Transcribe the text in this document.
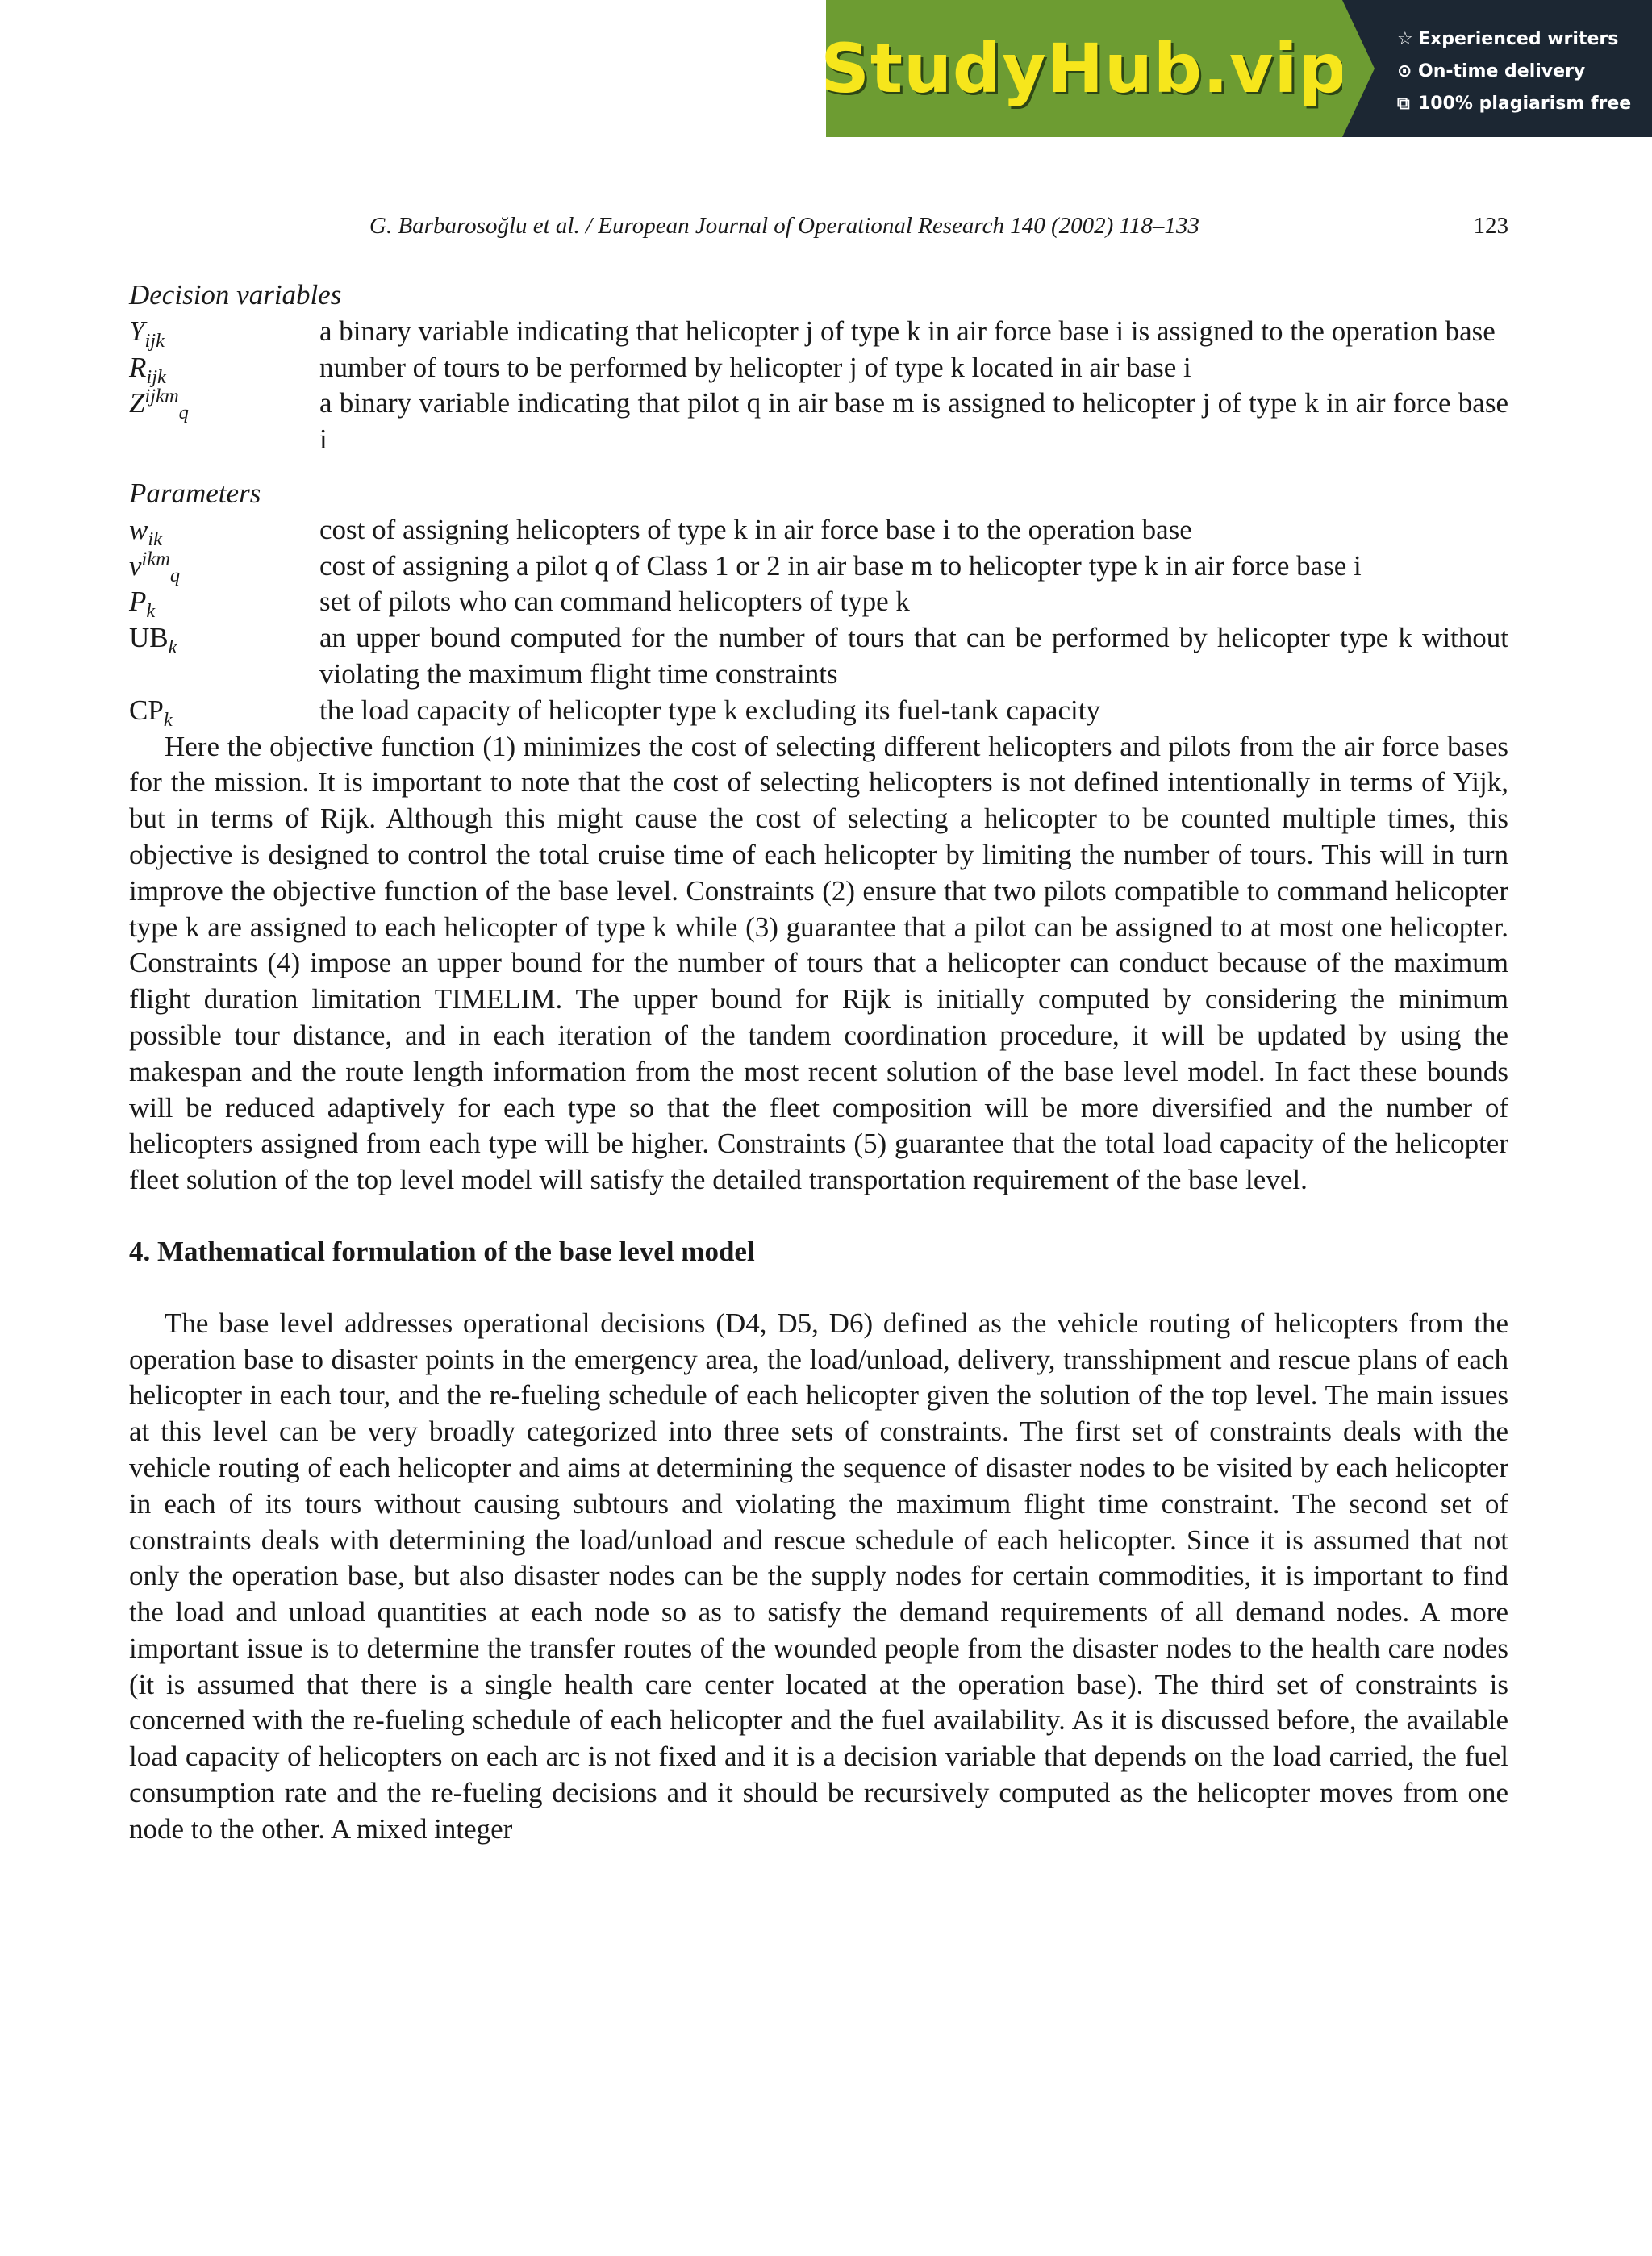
StudyHub.vip	☆ Experienced writers
⊙ On-time delivery
⧉ 100% plagiarism free
G. Barbarosoğlu et al. / European Journal of Operational Research 140 (2002) 118–133	123

Decision variables

$Y_{ijk}$	a binary variable indicating that helicopter j of type k in air force base i is assigned to the operation base
$R_{ijk}$	number of tours to be performed by helicopter j of type k located in air base i
$Z^{ijkm}_q$	a binary variable indicating that pilot q in air base m is assigned to helicopter j of type k in air force base i

Parameters

$w_{ik}$	cost of assigning helicopters of type k in air force base i to the operation base
$v^{ikm}_q$	cost of assigning a pilot q of Class 1 or 2 in air base m to helicopter type k in air force base i
$P_k$	set of pilots who can command helicopters of type k
$UB_k$	an upper bound computed for the number of tours that can be performed by helicopter type k without violating the maximum flight time constraints
$CP_k$	the load capacity of helicopter type k excluding its fuel-tank capacity

Here the objective function (1) minimizes the cost of selecting different helicopters and pilots from the air force bases for the mission. It is important to note that the cost of selecting helicopters is not defined intentionally in terms of Yijk, but in terms of Rijk. Although this might cause the cost of selecting a helicopter to be counted multiple times, this objective is designed to control the total cruise time of each helicopter by limiting the number of tours. This will in turn improve the objective function of the base level. Constraints (2) ensure that two pilots compatible to command helicopter type k are assigned to each helicopter of type k while (3) guarantee that a pilot can be assigned to at most one helicopter. Constraints (4) impose an upper bound for the number of tours that a helicopter can conduct because of the maximum flight duration limitation TIMELIM. The upper bound for Rijk is initially computed by considering the minimum possible tour distance, and in each iteration of the tandem coordination procedure, it will be updated by using the makespan and the route length information from the most recent solution of the base level model. In fact these bounds will be reduced adaptively for each type so that the fleet composition will be more diversified and the number of helicopters assigned from each type will be higher. Constraints (5) guarantee that the total load capacity of the helicopter fleet solution of the top level model will satisfy the detailed transportation requirement of the base level.

4. Mathematical formulation of the base level model

The base level addresses operational decisions (D4, D5, D6) defined as the vehicle routing of helicopters from the operation base to disaster points in the emergency area, the load/unload, delivery, transshipment and rescue plans of each helicopter in each tour, and the re-fueling schedule of each helicopter given the solution of the top level. The main issues at this level can be very broadly categorized into three sets of constraints. The first set of constraints deals with the vehicle routing of each helicopter and aims at determining the sequence of disaster nodes to be visited by each helicopter in each of its tours without causing subtours and violating the maximum flight time constraint. The second set of constraints deals with determining the load/unload and rescue schedule of each helicopter. Since it is assumed that not only the operation base, but also disaster nodes can be the supply nodes for certain commodities, it is important to find the load and unload quantities at each node so as to satisfy the demand requirements of all demand nodes. A more important issue is to determine the transfer routes of the wounded people from the disaster nodes to the health care nodes (it is assumed that there is a single health care center located at the operation base). The third set of constraints is concerned with the re-fueling schedule of each helicopter and the fuel availability. As it is discussed before, the available load capacity of helicopters on each arc is not fixed and it is a decision variable that depends on the load carried, the fuel consumption rate and the re-fueling decisions and it should be recursively computed as the helicopter moves from one node to the other. A mixed integer
